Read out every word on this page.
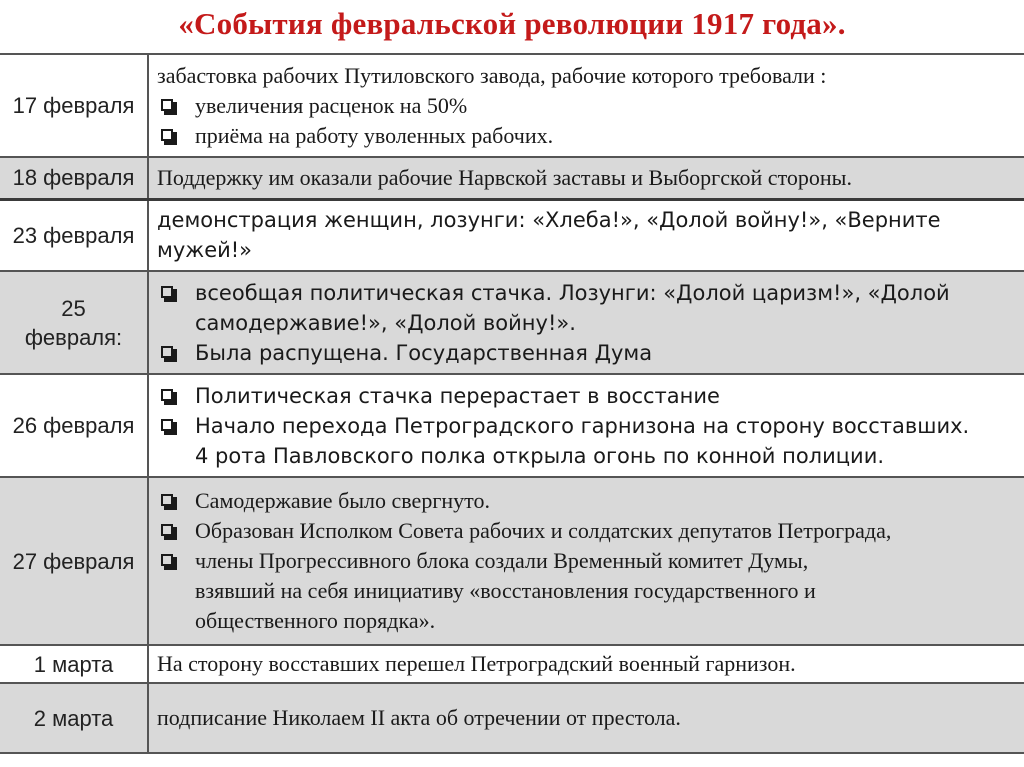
«События февральской революции 1917 года».
17 февраля	забастовка рабочих Путиловского завода, рабочие которого требовали :
увеличения расценок на 50%
приёма на работу уволенных рабочих.

18 февраля	Поддержку им оказали рабочие Нарвской заставы и Выборгской стороны.

23 февраля	демонстрация женщин, лозунги: «Хлеба!», «Долой войну!», «Верните
мужей!»

25
февраля:	всеобщая политическая стачка. Лозунги: «Долой царизм!», «Долой
самодержавие!», «Долой войну!».
Была распущена. Государственная Дума

26 февраля	Политическая стачка перерастает в восстание
Начало перехода Петроградского гарнизона на сторону восставших.
4 рота Павловского полка открыла огонь по конной полиции.

27 февраля	Самодержавие было свергнуто.
Образован Исполком Совета рабочих и солдатских депутатов Петрограда,
члены Прогрессивного блока создали Временный комитет Думы,
взявший на себя инициативу «восстановления государственного и
общественного порядка».

1 марта	На сторону восставших перешел Петроградский военный гарнизон.

2 марта	подписание Николаем II акта об отречении от престола.
